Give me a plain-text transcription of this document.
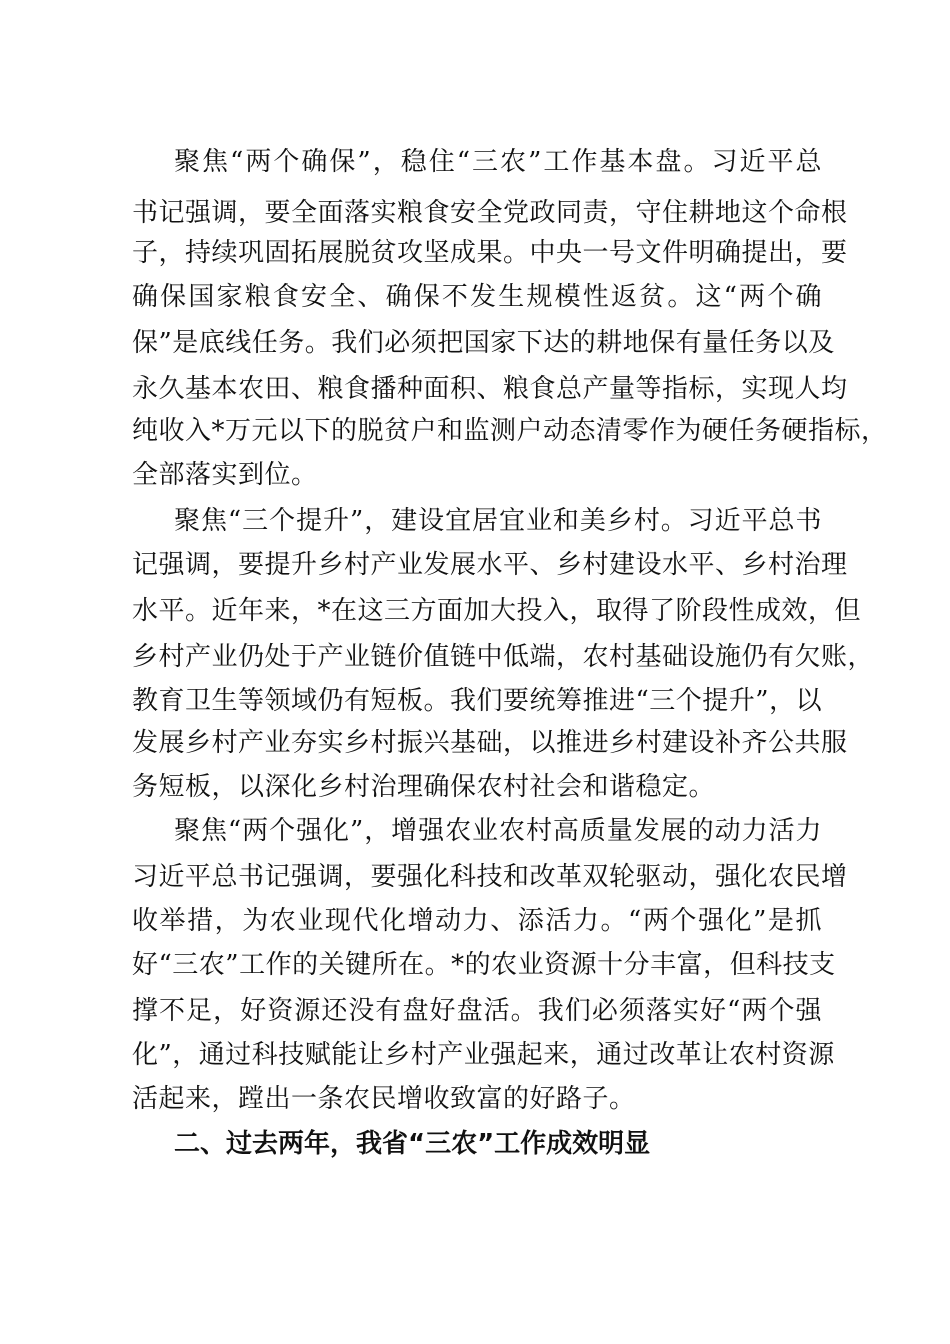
聚焦“两个确保”，稳住“三农”工作基本盘。习近平总
书记强调，要全面落实粮食安全党政同责，守住耕地这个命根
子，持续巩固拓展脱贫攻坚成果。中央一号文件明确提出，要
确保国家粮食安全、确保不发生规模性返贫。这“两个确
保”是底线任务。我们必须把国家下达的耕地保有量任务以及
永久基本农田、粮食播种面积、粮食总产量等指标，实现人均
纯收入*万元以下的脱贫户和监测户动态清零作为硬任务硬指标，
全部落实到位。
聚焦“三个提升”，建设宜居宜业和美乡村。习近平总书
记强调，要提升乡村产业发展水平、乡村建设水平、乡村治理
水平。近年来，*在这三方面加大投入，取得了阶段性成效，但
乡村产业仍处于产业链价值链中低端，农村基础设施仍有欠账，
教育卫生等领域仍有短板。我们要统筹推进“三个提升”，以
发展乡村产业夯实乡村振兴基础，以推进乡村建设补齐公共服
务短板，以深化乡村治理确保农村社会和谐稳定。
聚焦“两个强化”，增强农业农村高质量发展的动力活力
习近平总书记强调，要强化科技和改革双轮驱动，强化农民增
收举措，为农业现代化增动力、添活力。“两个强化”是抓
好“三农”工作的关键所在。*的农业资源十分丰富，但科技支
撑不足，好资源还没有盘好盘活。我们必须落实好“两个强
化”，通过科技赋能让乡村产业强起来，通过改革让农村资源
活起来，蹚出一条农民增收致富的好路子。
二、过去两年，我省“三农”工作成效明显
